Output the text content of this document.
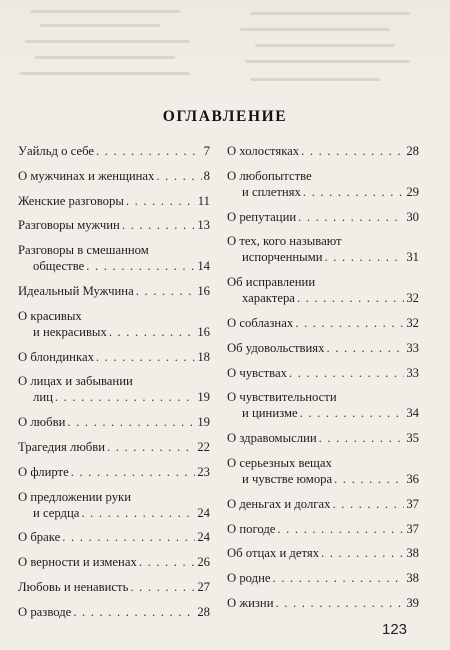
ОГЛАВЛЕНИЕ
Уайльд о себе . . .	7
О мужчинах и женщинах . . .	8
Женские разговоры . . .	11
Разговоры мужчин . . .	13
Разговоры в смешанном
обществе . . .	14
Идеальный Мужчина . . .	16
О красивых
и некрасивых . . .	16
О блондинках . . .	18
О лицах и забывании
лиц . . .	19
О любви . . .	19
Трагедия любви . . .	22
О флирте . . .	23
О предложении руки
и сердца . . .	24
О браке . . .	24
О верности и изменах . . .	26
Любовь и ненависть . . .	27
О разводе . . .	28
О холостяках . . .	28
О любопытстве
и сплетнях . . .	29
О репутации . . .	30
О тех, кого называют
испорченными . . .	31
Об исправлении
характера . . .	32
О соблазнах . . .	32
Об удовольствиях . . .	33
О чувствах . . .	33
О чувствительности
и цинизме . . .	34
О здравомыслии . . .	35
О серьезных вещах
и чувстве юмора . . .	36
О деньгах и долгах . . .	37
О погоде . . .	37
Об отцах и детях . . .	38
О родне . . .	38
О жизни . . .	39
123
